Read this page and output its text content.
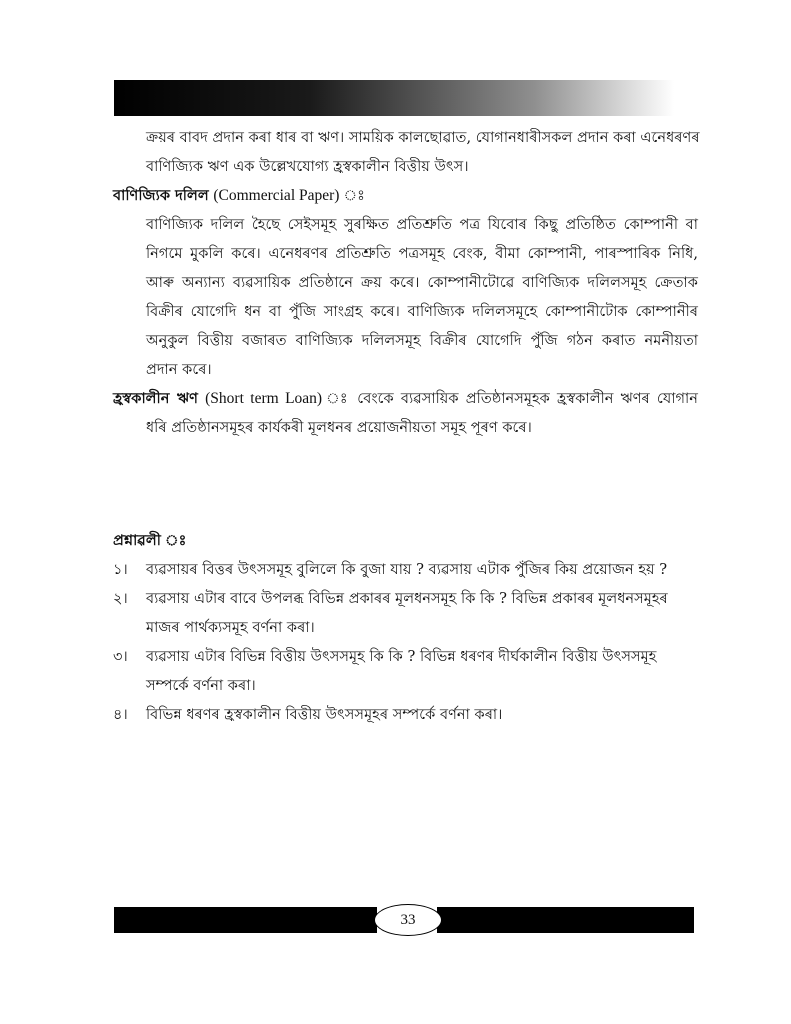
ক্ৰয়ৰ বাবদ প্ৰদান কৰা ধাৰ বা ঋণ। সাময়িক কালছোৱাত, যোগানধাৰীসকল প্ৰদান কৰা এনেধৰণৰ
বাণিজ্যিক ঋণ এক উল্লেখযোগ্য হ্ৰস্বকালীন বিত্তীয় উৎস।
বাণিজ্যিক দলিল (Commercial Paper) ঃ
বাণিজ্যিক দলিল হৈছে সেইসমূহ সুৰক্ষিত প্ৰতিশ্ৰুতি পত্ৰ যিবোৰ কিছু প্ৰতিষ্ঠিত কোম্পানী বা
নিগমে মুকলি কৰে। এনেধৰণৰ প্ৰতিশ্ৰুতি পত্ৰসমূহ বেংক, বীমা কোম্পানী, পাৰস্পাৰিক নিধি,
আৰু অন্যান্য ব্যৱসায়িক প্ৰতিষ্ঠানে ক্ৰয় কৰে। কোম্পানীটোৱে বাণিজ্যিক দলিলসমূহ ক্ৰেতাক
বিক্ৰীৰ যোগেদি ধন বা পুঁজি সাংগ্ৰহ কৰে। বাণিজ্যিক দলিলসমূহে কোম্পানীটোক কোম্পানীৰ
অনুকুল বিত্তীয় বজাৰত বাণিজ্যিক দলিলসমূহ বিক্ৰীৰ যোগেদি পুঁজি গঠন কৰাত নমনীয়তা
প্ৰদান কৰে।
হ্ৰস্বকালীন ঋণ (Short term Loan) ঃ বেংকে ব্যৱসায়িক প্ৰতিষ্ঠানসমূহক হ্ৰস্বকালীন ঋণৰ যোগান
ধৰি প্ৰতিষ্ঠানসমূহৰ কাৰ্যকৰী মূলধনৰ প্ৰয়োজনীয়তা সমূহ পূৰণ কৰে।
প্ৰশ্নাৱলী ঃ
১।	ব্যৱসায়ৰ বিত্তৰ উৎসসমূহ বুলিলে কি বুজা যায় ? ব্যৱসায় এটাক পুঁজিৰ কিয় প্ৰয়োজন হয় ?
২।	ব্যৱসায় এটাৰ বাবে উপলব্ধ বিভিন্ন প্ৰকাৰৰ মূলধনসমূহ কি কি ? বিভিন্ন প্ৰকাৰৰ মূলধনসমূহৰ
মাজৰ পাৰ্থক্যসমূহ বৰ্ণনা কৰা।
৩।	ব্যৱসায় এটাৰ বিভিন্ন বিত্তীয় উৎসসমূহ কি কি ? বিভিন্ন ধৰণৰ দীৰ্ঘকালীন বিত্তীয় উৎসসমূহ
সম্পৰ্কে বৰ্ণনা কৰা।
৪।	বিভিন্ন ধৰণৰ হ্ৰস্বকালীন বিত্তীয় উৎসসমূহৰ সম্পৰ্কে বৰ্ণনা কৰা।
33
